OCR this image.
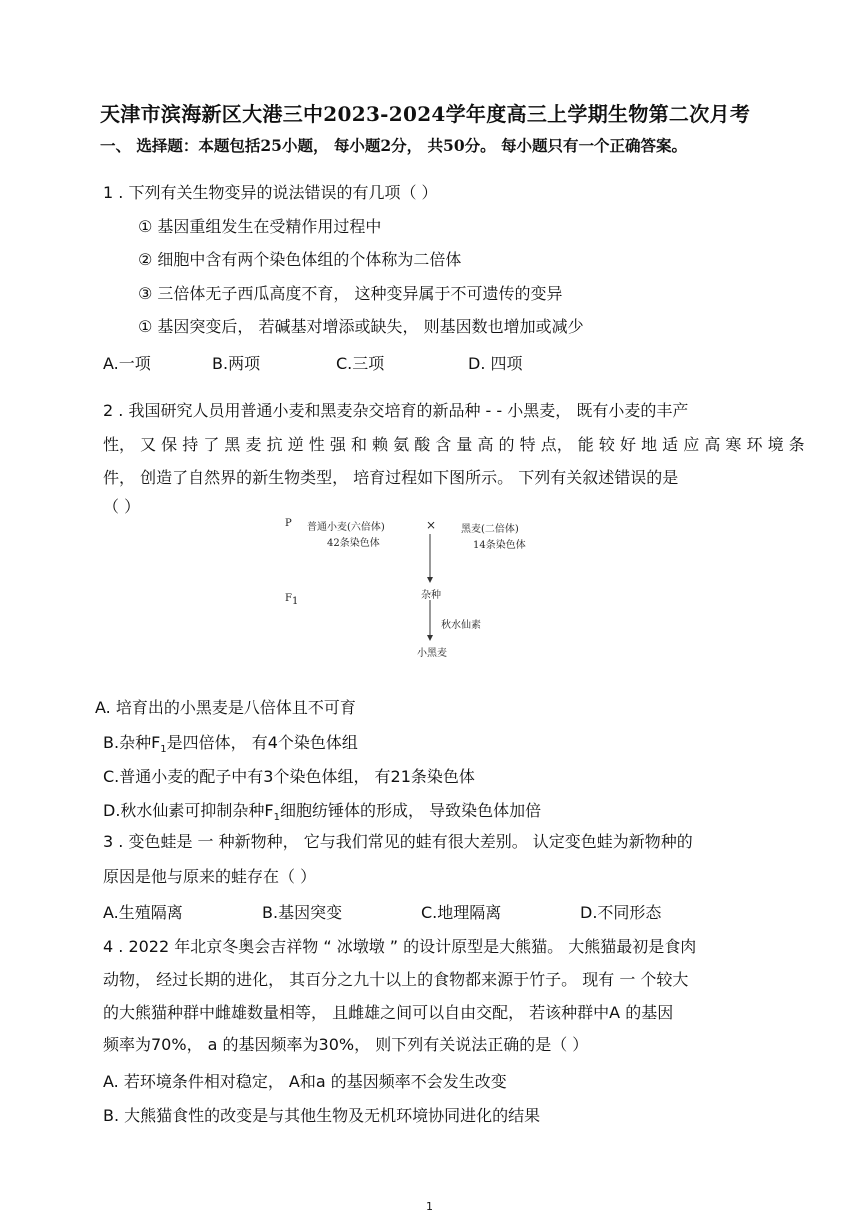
天津市滨海新区大港三中2023-2024学年度高三上学期生物第二次月考
一、 选择题：本题包括25小题， 每小题2分， 共50分。 每小题只有一个正确答案。
1 . 下列有关生物变异的说法错误的有几项（ ）
① 基因重组发生在受精作用过程中
② 细胞中含有两个染色体组的个体称为二倍体
③ 三倍体无子西瓜高度不育， 这种变异属于不可遗传的变异
① 基因突变后， 若碱基对增添或缺失， 则基因数也增加或减少
A.一项	B.两项	C.三项	D. 四项
2 . 我国研究人员用普通小麦和黑麦杂交培育的新品种 - - 小黑麦， 既有小麦的丰产
性， 又 保 持 了 黑 麦 抗 逆 性 强 和 赖 氨 酸 含 量 高 的 特 点， 能 较 好 地 适 应 高 寒 环 境 条
件， 创造了自然界的新生物类型， 培育过程如下图所示。 下列有关叙述错误的是
（ ）
P 普通小麦(六倍体)
42条染色体
× 黑麦(二倍体)
14条染色体
$F_1$
杂种
秋水仙素
小黑麦
A. 培育出的小黑麦是八倍体且不可育
B.杂种$F_1$是四倍体， 有4个染色体组
C.普通小麦的配子中有3个染色体组， 有21条染色体
D.秋水仙素可抑制杂种$F_1$细胞纺锤体的形成， 导致染色体加倍
3 . 变色蛙是 一 种新物种， 它与我们常见的蛙有很大差别。 认定变色蛙为新物种的
原因是他与原来的蛙存在（ ）
A.生殖隔离	B.基因突变	C.地理隔离	D.不同形态
4 . 2022 年北京冬奥会吉祥物 “ 冰墩墩 ” 的设计原型是大熊猫。 大熊猫最初是食肉
动物， 经过长期的进化， 其百分之九十以上的食物都来源于竹子。 现有 一 个较大
的大熊猫种群中雌雄数量相等， 且雌雄之间可以自由交配， 若该种群中A 的基因
频率为70%， a 的基因频率为30%， 则下列有关说法正确的是（ ）
A. 若环境条件相对稳定， A和a 的基因频率不会发生改变
B. 大熊猫食性的改变是与其他生物及无机环境协同进化的结果
1
